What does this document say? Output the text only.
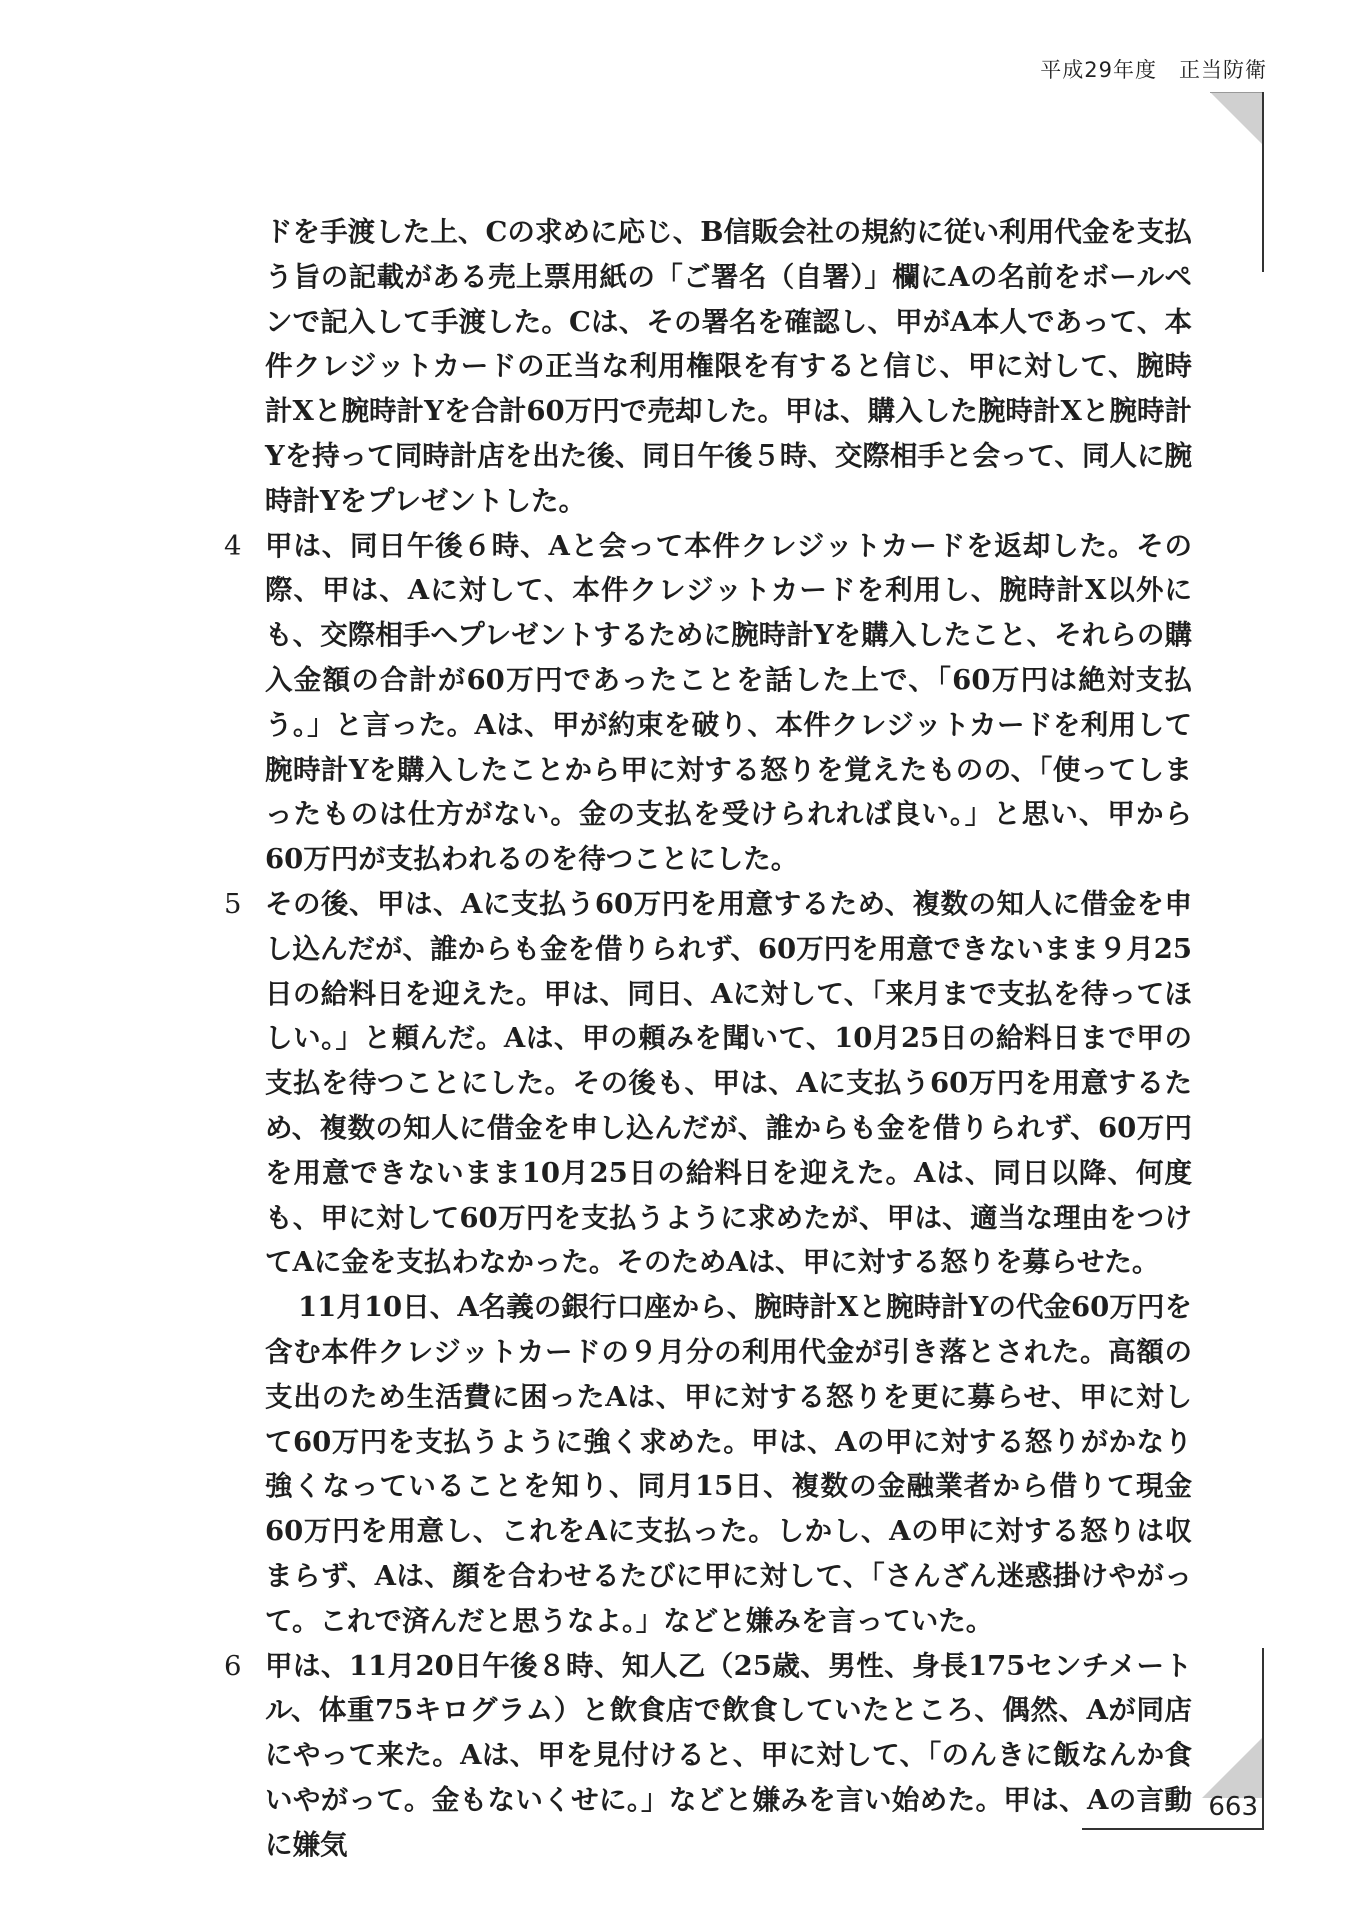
平成29年度　正当防衛

ドを手渡した上、Cの求めに応じ、B信販会社の規約に従い利用代金を支払う旨の記載がある売上票用紙の「ご署名（自署）」欄にAの名前をボールペンで記入して手渡した。Cは、その署名を確認し、甲がA本人であって、本件クレジットカードの正当な利用権限を有すると信じ、甲に対して、腕時計Xと腕時計Yを合計60万円で売却した。甲は、購入した腕時計Xと腕時計Yを持って同時計店を出た後、同日午後５時、交際相手と会って、同人に腕時計Yをプレゼントした。

4 甲は、同日午後６時、Aと会って本件クレジットカードを返却した。その際、甲は、Aに対して、本件クレジットカードを利用し、腕時計X以外にも、交際相手へプレゼントするために腕時計Yを購入したこと、それらの購入金額の合計が60万円であったことを話した上で、「60万円は絶対支払う。」と言った。Aは、甲が約束を破り、本件クレジットカードを利用して腕時計Yを購入したことから甲に対する怒りを覚えたものの、「使ってしまったものは仕方がない。金の支払を受けられれば良い。」と思い、甲から60万円が支払われるのを待つことにした。

5 その後、甲は、Aに支払う60万円を用意するため、複数の知人に借金を申し込んだが、誰からも金を借りられず、60万円を用意できないまま９月25日の給料日を迎えた。甲は、同日、Aに対して、「来月まで支払を待ってほしい。」と頼んだ。Aは、甲の頼みを聞いて、10月25日の給料日まで甲の支払を待つことにした。その後も、甲は、Aに支払う60万円を用意するため、複数の知人に借金を申し込んだが、誰からも金を借りられず、60万円を用意できないまま10月25日の給料日を迎えた。Aは、同日以降、何度も、甲に対して60万円を支払うように求めたが、甲は、適当な理由をつけてAに金を支払わなかった。そのためAは、甲に対する怒りを募らせた。

11月10日、A名義の銀行口座から、腕時計Xと腕時計Yの代金60万円を含む本件クレジットカードの９月分の利用代金が引き落とされた。高額の支出のため生活費に困ったAは、甲に対する怒りを更に募らせ、甲に対して60万円を支払うように強く求めた。甲は、Aの甲に対する怒りがかなり強くなっていることを知り、同月15日、複数の金融業者から借りて現金60万円を用意し、これをAに支払った。しかし、Aの甲に対する怒りは収まらず、Aは、顔を合わせるたびに甲に対して、「さんざん迷惑掛けやがって。これで済んだと思うなよ。」などと嫌みを言っていた。

6 甲は、11月20日午後８時、知人乙（25歳、男性、身長175センチメートル、体重75キログラム）と飲食店で飲食していたところ、偶然、Aが同店にやって来た。Aは、甲を見付けると、甲に対して、「のんきに飯なんか食いやがって。金もないくせに。」などと嫌みを言い始めた。甲は、Aの言動に嫌気

663
